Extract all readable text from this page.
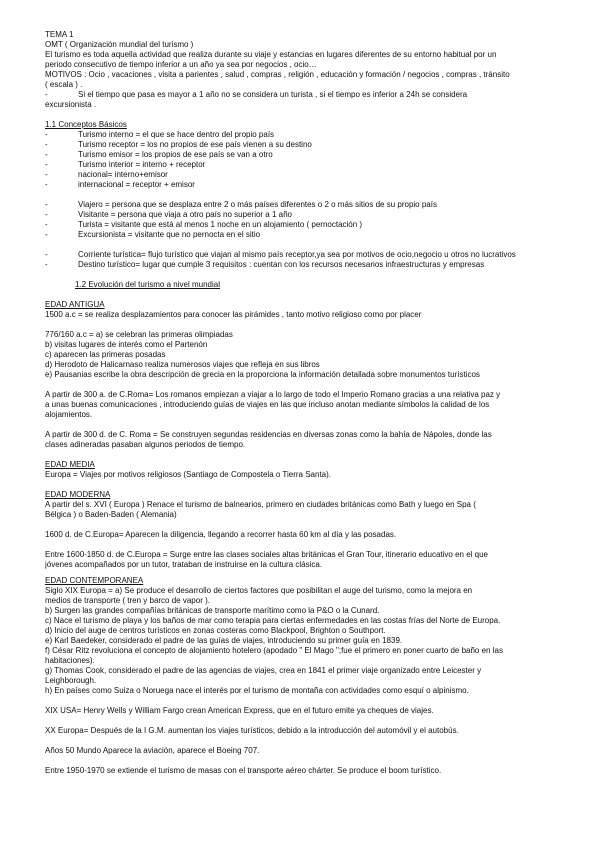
TEMA 1
OMT ( Organización mundial del turismo )
El turismo es toda aquella actividad que realiza durante su viaje y estancias en lugares diferentes de su entorno habitual por un
periodo consecutivo de tiempo inferior a un año ya sea por negocios , ocio…
MOTIVOS : Ocio , vacaciones , visita a parientes , salud , compras , religión , educación y formación / negocios , compras , tránsito
( escala ) .
-	Si el tiempo que pasa es mayor a 1 año no se considera un turista , si el tiempo es inferior a 24h se considera
excursionista .
1.1 Conceptos Básicos
-	Turismo interno = el que se hace dentro del propio país
-	Turismo receptor = los no propios de ese país vienen a su destino
-	Turismo emisor = los propios de ese país se van a otro
-	Turismo interior = interno + receptor
-	nacional= interno+emisor
-	internacional = receptor + emisor
-	Viajero = persona que se desplaza entre 2 o más países diferentes o 2 o más sitios de su propio país
-	Visitante = persona que viaja a otro país no superior a 1 año
-	Turista = visitante que está al menos 1 noche en un alojamiento ( pernoctación )
-	Excursionista = visitante que no pernocta en el sitio
-	Corriente turística= flujo turístico que viajan al mismo país receptor,ya sea por motivos de ocio,negocio u otros no lucrativos
-	Destino turístico= lugar que cumple 3 requisitos : cuentan con los recursos necesarios infraestructuras y empresas
1.2 Evolución del turismo a nivel mundial
EDAD ANTIGUA
1500 a.c = se realiza desplazamientos para conocer las pirámides , tanto motivo religioso como por placer
776/160 a.c = a) se celebran las primeras olimpiadas
b) visitas lugares de interés como el Partenón
c) aparecen las primeras posadas
d) Herodoto de Halicarnaso realiza numerosos viajes que refleja en sus libros
e) Pausanias escribe la obra descripción de grecia en la proporciona la información detallada sobre monumentos turísticos
A partir de 300 a. de C.Roma= Los romanos empiezan a viajar a lo largo de todo el Imperio Romano gracias a una relativa paz y
a unas buenas comunicaciones , introduciendo guías de viajes en las que incluso anotan mediante símbolos la calidad de los
alojamientos.
A partir de 300 d. de C. Roma = Se construyen segundas residencias en diversas zonas como la bahía de Nápoles, donde las
clases adineradas pasaban algunos periodos de tiempo.
EDAD MEDIA
Europa = Viajes por motivos religiosos (Santiago de Compostela o Tierra Santa).
EDAD MODERNA
A partir del s. XVI ( Europa ) Renace el turismo de balnearios, primero en ciudades británicas como Bath y luego en Spa (
Bélgica ) o Baden-Baden ( Alemania)
1600 d. de C.Europa= Aparecen la diligencia, llegando a recorrer hasta 60 km al día y las posadas.
Entre 1600-1850 d. de C.Europa = Surge entre las clases sociales altas británicas el Gran Tour, itinerario educativo en el que
jóvenes acompañados por un tutor, trataban de instruirse en la cultura clásica.
EDAD CONTEMPORANEA
Siglo XIX Europa = a) Se produce el desarrollo de ciertos factores que posibilitan el auge del turismo, como la mejora en
medios de transporte ( tren y barco de vapor ).
b) Surgen las grandes compañías británicas de transporte marítimo como la P&O o la Cunard.
c) Nace el turismo de playa y los baños de mar como terapia para ciertas enfermedades en las costas frías del Norte de Europa.
d) Inicio del auge de centros turísticos en zonas costeras como Blackpool, Brighton o Southport.
e) Karl Baedeker, considerado el padre de las guías de viajes, introduciendo su primer guía en 1839.
f) César Ritz revoluciona el concepto de alojamiento hotelero (apodado " El Mago ";fue el primero en poner cuarto de baño en las
habitaciones).
g) Thomas Cook, considerado el padre de las agencias de viajes, crea en 1841 el primer viaje organizado entre Leicester y
Leighborough.
h) En países como Suiza o Noruega nace el interés por el turismo de montaña con actividades como esquí o alpinismo.
XIX USA= Henry Wells y William Fargo crean American Express, que en el futuro emite ya cheques de viajes.
XX Europa= Después de la I G.M. aumentan los viajes turísticos, debido a la introducción del automóvil y el autobús.
Años 50 Mundo Aparece la aviación, aparece el Boeing 707.
Entre 1950-1970 se extiende el turismo de masas con el transporte aéreo chárter. Se produce el boom turístico.
